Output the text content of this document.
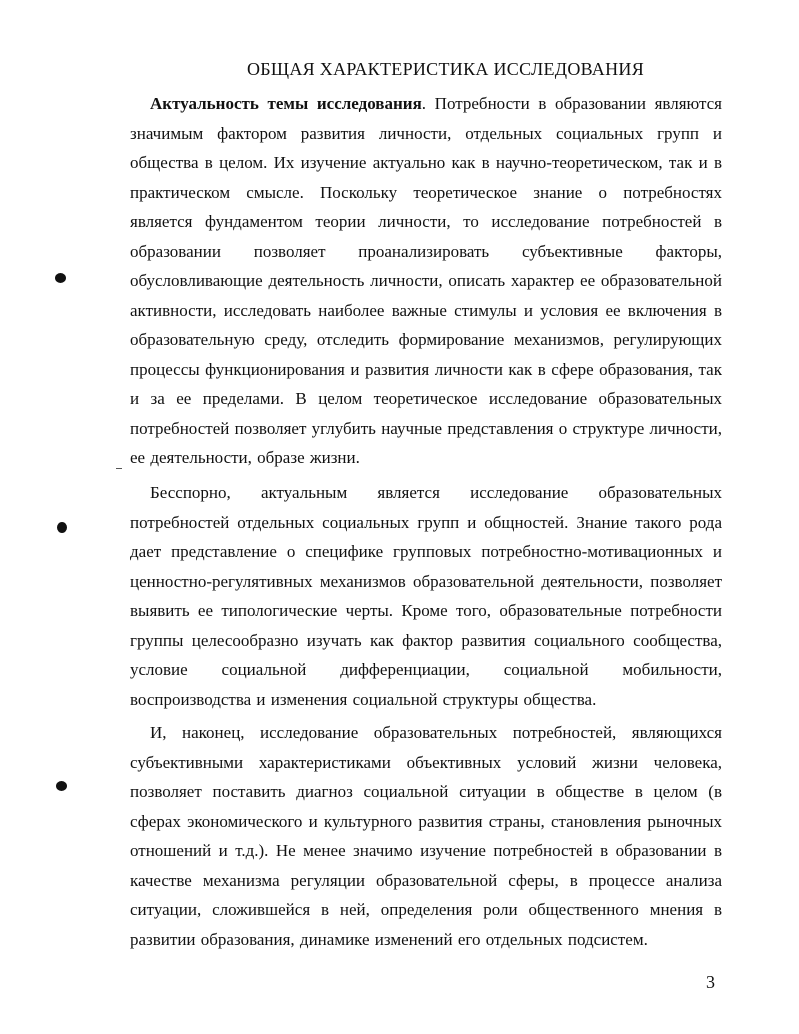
ОБЩАЯ ХАРАКТЕРИСТИКА ИССЛЕДОВАНИЯ

Актуальность темы исследования. Потребности в образовании являются значимым фактором развития личности, отдельных социальных групп и общества в целом. Их изучение актуально как в научно-теоретическом, так и в практическом смысле. Поскольку теоретическое знание о потребностях является фундаментом теории личности, то исследование потребностей в образовании позволяет проанализировать субъективные факторы, обусловливающие деятельность личности, описать характер ее образовательной активности, исследовать наиболее важные стимулы и условия ее включения в образовательную среду, отследить формирование механизмов, регулирующих процессы функционирования и развития личности как в сфере образования, так и за ее пределами. В целом теоретическое исследование образовательных потребностей позволяет углубить научные представления о структуре личности, ее деятельности, образе жизни.

Бесспорно, актуальным является исследование образовательных потребностей отдельных социальных групп и общностей. Знание такого рода дает представление о специфике групповых потребностно-мотивационных и ценностно-регулятивных механизмов образовательной деятельности, позволяет выявить ее типологические черты. Кроме того, образовательные потребности группы целесообразно изучать как фактор развития социального сообщества, условие социальной дифференциации, социальной мобильности, воспроизводства и изменения социальной структуры общества.

И, наконец, исследование образовательных потребностей, являющихся субъективными характеристиками объективных условий жизни человека, позволяет поставить диагноз социальной ситуации в обществе в целом (в сферах экономического и культурного развития страны, становления рыночных отношений и т.д.). Не менее значимо изучение потребностей в образовании в качестве механизма регуляции образовательной сферы, в процессе анализа ситуации, сложившейся в ней, определения роли общественного мнения в развитии образования, динамике изменений его отдельных подсистем.

3
